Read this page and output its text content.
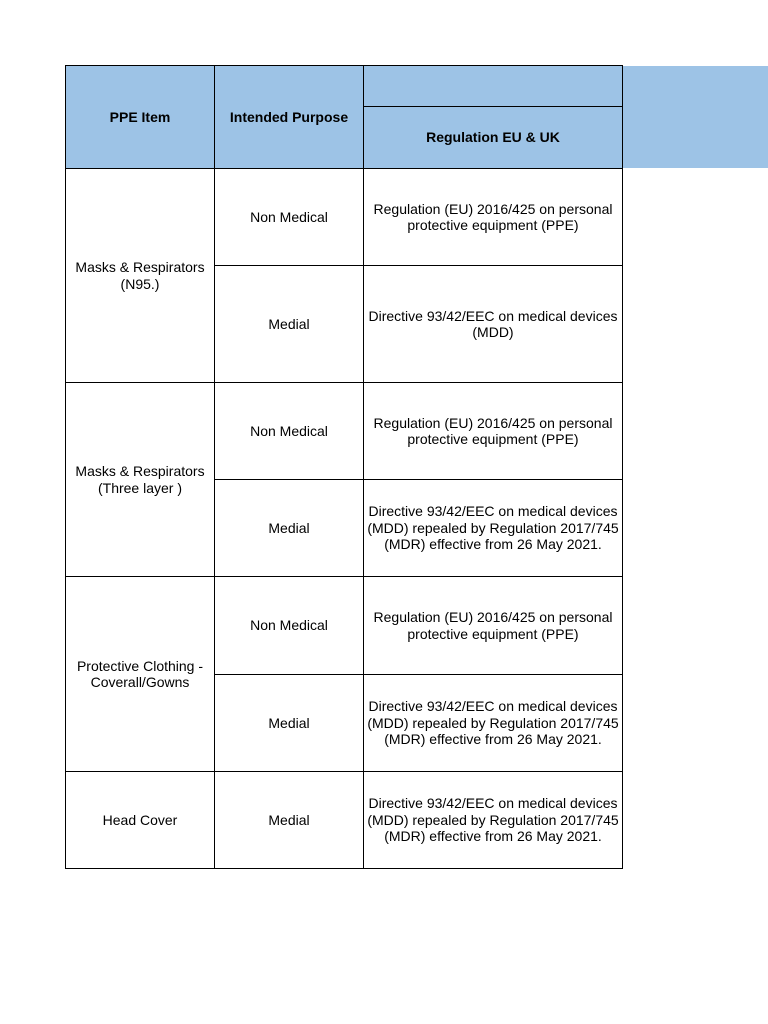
PPE Item	Intended Purpose	
		Regulation EU & UK
Masks & Respirators (N95.)	Non Medical	Regulation (EU) 2016/425 on personal protective equipment (PPE)
	Medial	Directive 93/42/EEC on medical devices (MDD)
Masks & Respirators (Three layer )	Non Medical	Regulation (EU) 2016/425 on personal protective equipment (PPE)
	Medial	Directive 93/42/EEC on medical devices (MDD) repealed by Regulation 2017/745 (MDR) effective from 26 May 2021.
Protective Clothing - Coverall/Gowns	Non Medical	Regulation (EU) 2016/425 on personal protective equipment (PPE)
	Medial	Directive 93/42/EEC on medical devices (MDD) repealed by Regulation 2017/745 (MDR) effective from 26 May 2021.
Head Cover	Medial	Directive 93/42/EEC on medical devices (MDD) repealed by Regulation 2017/745 (MDR) effective from 26 May 2021.
